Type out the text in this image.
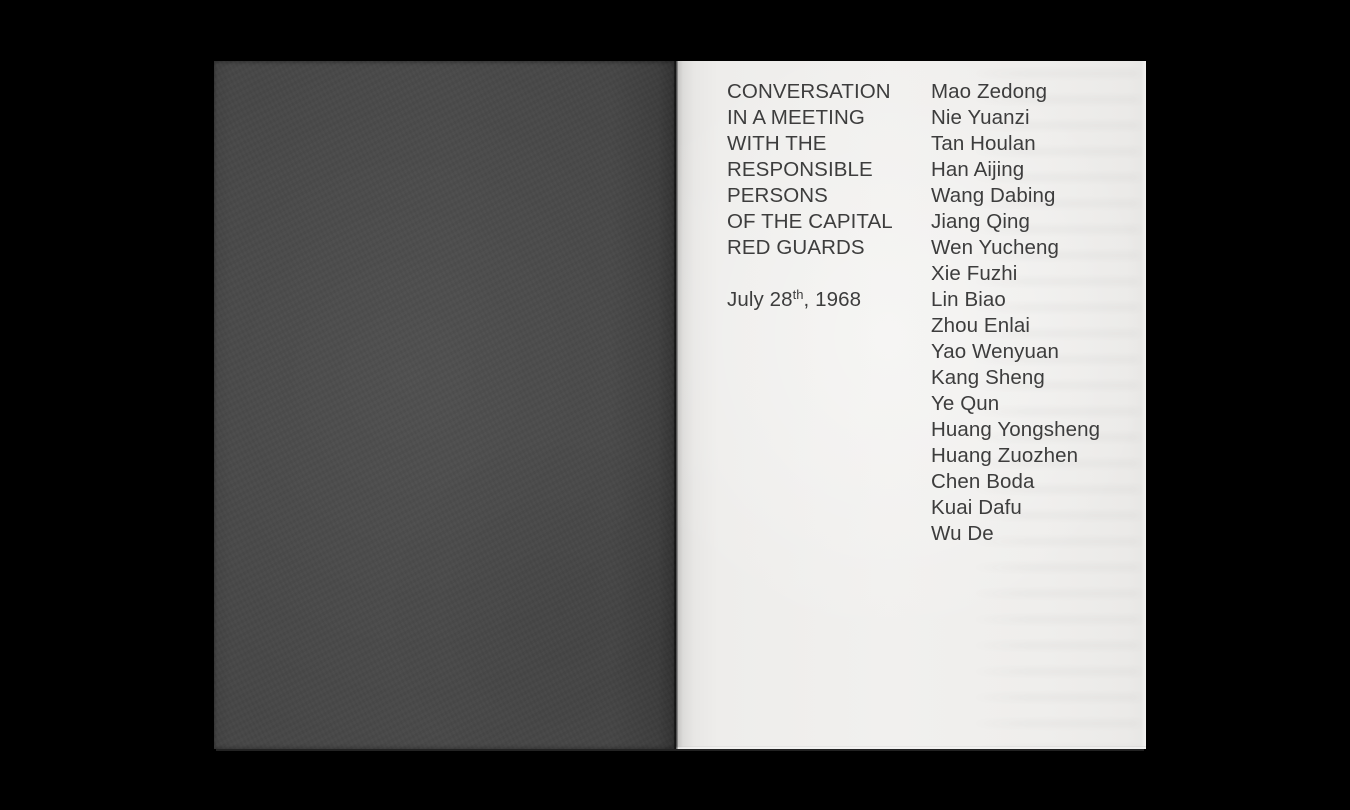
CONVERSATION
IN A MEETING
WITH THE
RESPONSIBLE
PERSONS
OF THE CAPITAL
RED GUARDS
July 28th, 1968
Mao Zedong
Nie Yuanzi
Tan Houlan
Han Aijing
Wang Dabing
Jiang Qing
Wen Yucheng
Xie Fuzhi
Lin Biao
Zhou Enlai
Yao Wenyuan
Kang Sheng
Ye Qun
Huang Yongsheng
Huang Zuozhen
Chen Boda
Kuai Dafu
Wu De
